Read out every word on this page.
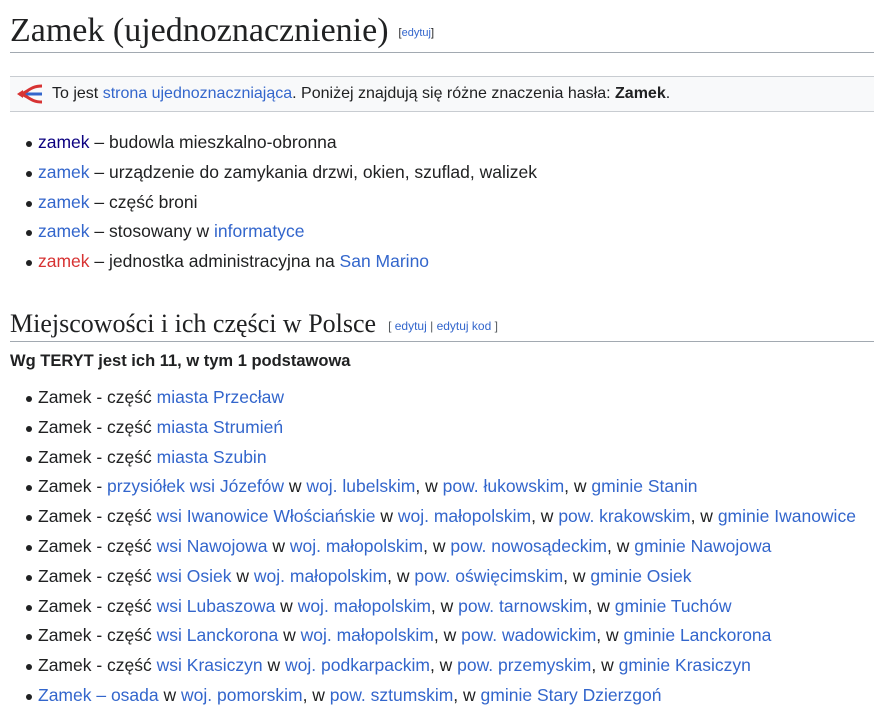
Zamek (ujednoznacznienie) [edytuj]
To jest strona ujednoznaczniająca. Poniżej znajdują się różne znaczenia hasła: Zamek.
zamek – budowla mieszkalno-obronna
zamek – urządzenie do zamykania drzwi, okien, szuflad, walizek
zamek – część broni
zamek – stosowany w informatyce
zamek – jednostka administracyjna na San Marino
Miejscowości i ich części w Polsce [ edytuj | edytuj kod ]
Wg TERYT jest ich 11, w tym 1 podstawowa
Zamek - część miasta Przecław
Zamek - część miasta Strumień
Zamek - część miasta Szubin
Zamek - przysiółek wsi Józefów w woj. lubelskim, w pow. łukowskim, w gminie Stanin
Zamek - część wsi Iwanowice Włościańskie w woj. małopolskim, w pow. krakowskim, w gminie Iwanowice
Zamek - część wsi Nawojowa w woj. małopolskim, w pow. nowosądeckim, w gminie Nawojowa
Zamek - część wsi Osiek w woj. małopolskim, w pow. oświęcimskim, w gminie Osiek
Zamek - część wsi Lubaszowa w woj. małopolskim, w pow. tarnowskim, w gminie Tuchów
Zamek - część wsi Lanckorona w woj. małopolskim, w pow. wadowickim, w gminie Lanckorona
Zamek - część wsi Krasiczyn w woj. podkarpackim, w pow. przemyskim, w gminie Krasiczyn
Zamek – osada w woj. pomorskim, w pow. sztumskim, w gminie Stary Dzierzgoń
